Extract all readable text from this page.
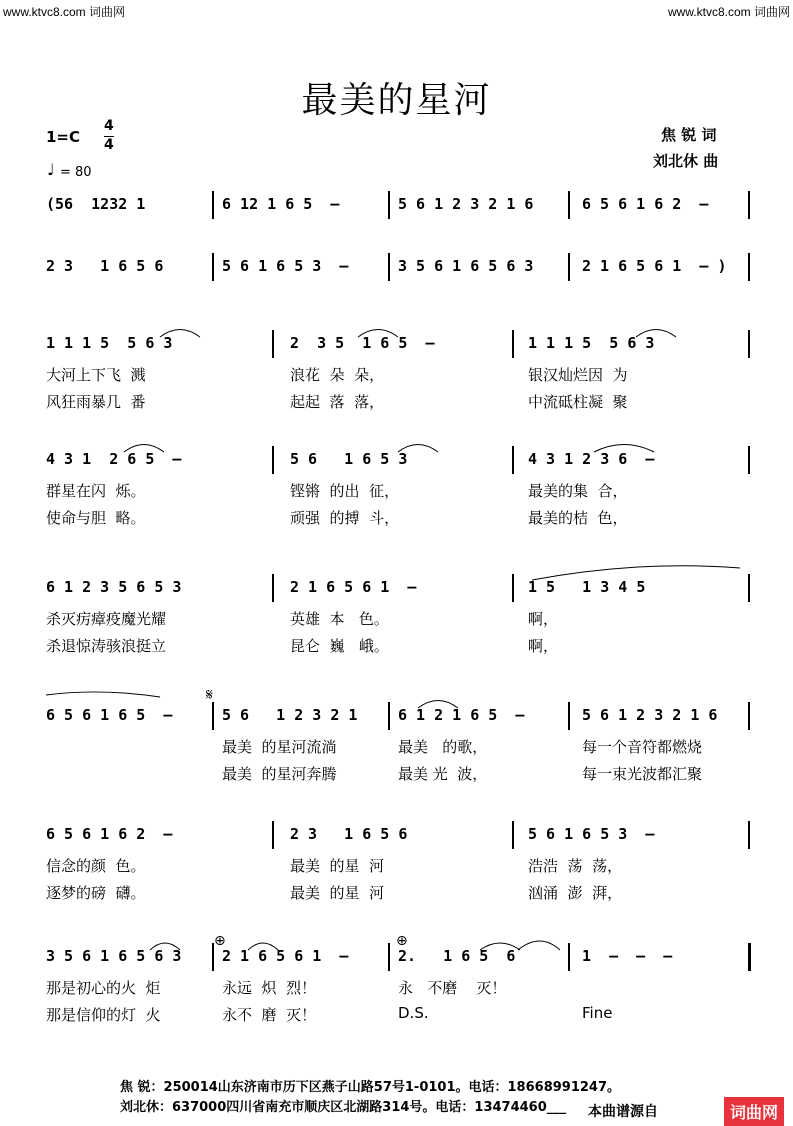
www.ktvc8.com 词曲网	www.ktvc8.com 词曲网
最美的星河
1=C
4
4
♩ = 80
焦 锐 词
刘北休 曲
(56  1232 1	6 12 1 6 5  –	5 6 1 2 3 2 1 6	6 5 6 1 6 2  –
2 3   1 6 5 6	5 6 1 6 5 3  –	3 5 6 1 6 5 6 3	2 1 6 5 6 1  – )
1 1 1 5  5 6 3
大河上下飞  溅
风狂雨暴几  番
2  3 5  1 6 5  –
浪花  朵  朵，
起起  落  落，
1 1 1 5  5 6 3
银汉灿烂因  为
中流砥柱凝  聚
4 3 1  2 6 5  –
群星在闪  烁。
使命与胆  略。
5 6   1 6 5 3
铿锵  的出  征，
顽强  的搏  斗，
4 3 1 2 3 6  –
最美的集  合，
最美的桔  色，
6 1 2 3 5 6 5 3
杀灭疠瘴疫魔光耀
杀退惊涛骇浪挺立
2 1 6 5 6 1  –
英雄  本   色。
昆仑  巍   峨。
1 5   1 3 4 5
啊，
啊，
6 5 6 1 6 5  –	5 6   1 2 3 2 1
最美  的星河流淌
最美  的星河奔腾
6 1 2 1 6 5  –
最美   的歌，
最美 光  波，
5 6 1 2 3 2 1 6
每一个音符都燃烧
每一束光波都汇聚
6 5 6 1 6 2  –
信念的颜  色。
逐梦的磅  礴。
2 3   1 6 5 6
最美  的星  河
最美  的星  河
5 6 1 6 5 3  –
浩浩  荡  荡，
汹涌  澎  湃，
3 5 6 1 6 5 6 3
那是初心的火  炬
那是信仰的灯  火
2 1 6 5 6 1  –
永远  炽  烈！
永不  磨  灭！
2.   1 6 5  6
永   不磨    灭！
D.S.
1  –  –  –
Fine
𝄋
⊕	⊕
焦 锐：250014山东济南市历下区燕子山路57号1-0101。电话：18668991247。
刘北休：637000四川省南充市顺庆区北湖路314号。电话：13474460___ 本曲谱源自	词曲网
